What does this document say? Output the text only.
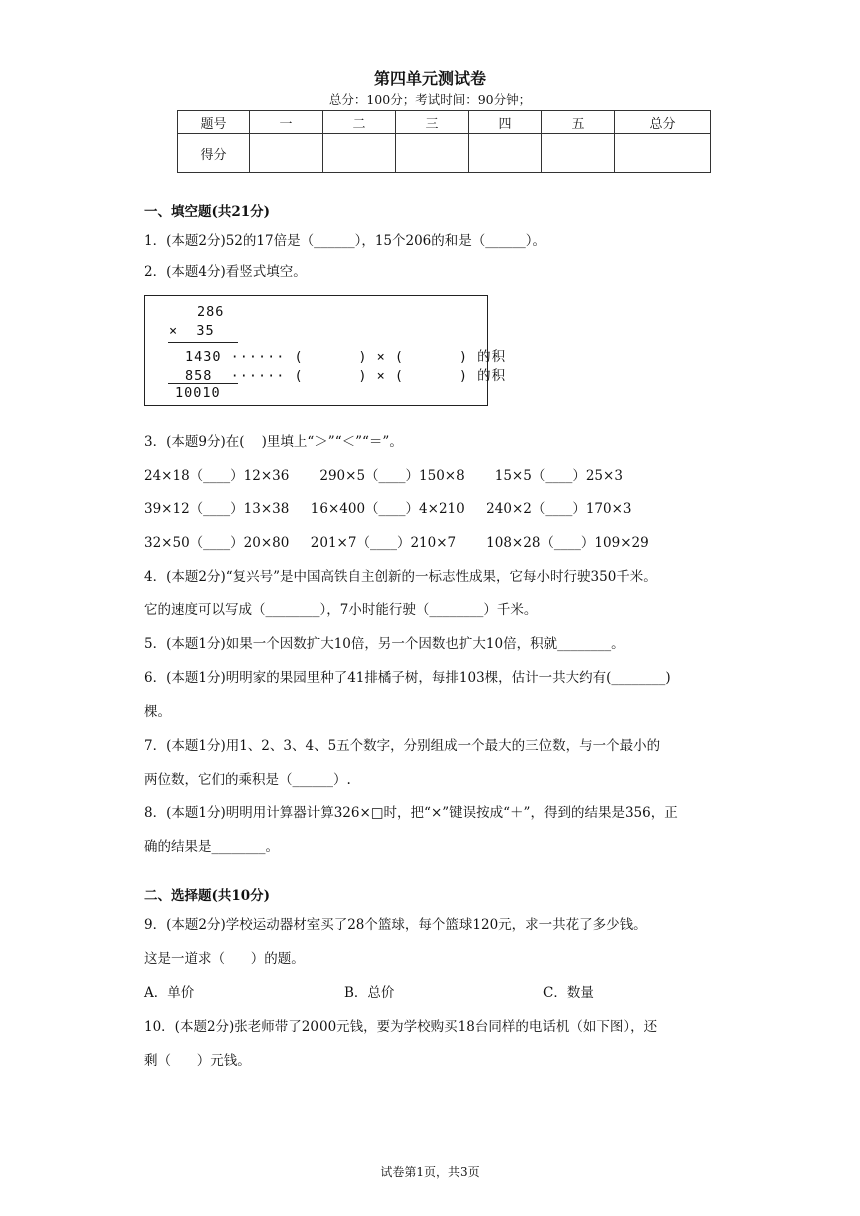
第四单元测试卷
总分：100分；考试时间：90分钟；
题号	一	二	三	四	五	总分
得分						
一、填空题(共21分)
1．(本题2分)52的17倍是（______），15个206的和是（______）。
2．(本题4分)看竖式填空。
286
×  35
1430 ······ (      ) × (      ) 的积
858  ······ (      ) × (      ) 的积
10010
3．(本题9分)在(    )里填上“＞”“＜”“＝”。
24×18（____）12×36       290×5（____）150×8       15×5（____）25×3
39×12（____）13×38     16×400（____）4×210     240×2（____）170×3
32×50（____）20×80     201×7（____）210×7       108×28（____）109×29
4．(本题2分)“复兴号”是中国高铁自主创新的一标志性成果，它每小时行驶350千米。
它的速度可以写成（________），7小时能行驶（________）千米。
5．(本题1分)如果一个因数扩大10倍，另一个因数也扩大10倍，积就________。
6．(本题1分)明明家的果园里种了41排橘子树，每排103棵，估计一共大约有(________)
棵。
7．(本题1分)用1、2、3、4、5五个数字，分别组成一个最大的三位数，与一个最小的
两位数，它们的乘积是（______）.
8．(本题1分)明明用计算器计算326×□时，把“×”键误按成“＋”，得到的结果是356，正
确的结果是________。
二、选择题(共10分)
9．(本题2分)学校运动器材室买了28个篮球，每个篮球120元，求一共花了多少钱。
这是一道求（      ）的题。
A．单价	B．总价	C．数量
10．(本题2分)张老师带了2000元钱，要为学校购买18台同样的电话机（如下图），还
剩（      ）元钱。
试卷第1页，共3页
